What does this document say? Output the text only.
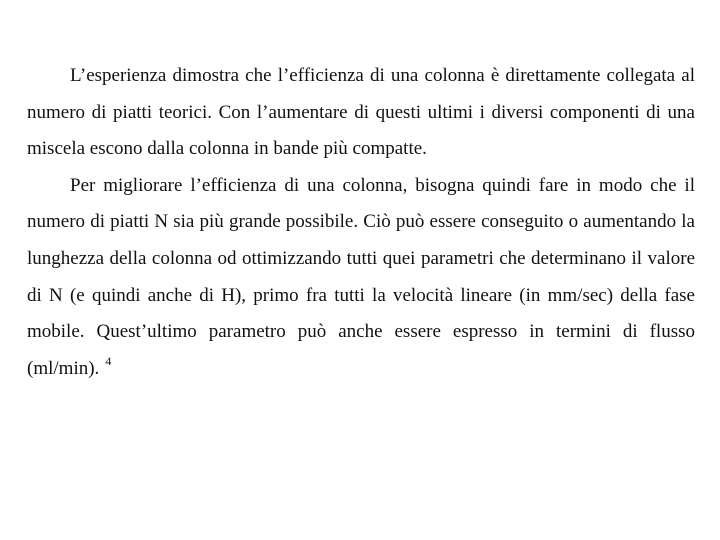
L’esperienza dimostra che l’efficienza di una colonna è direttamente collegata al numero di piatti teorici. Con l’aumentare di questi ultimi i diversi componenti di una miscela escono dalla colonna in bande più compatte.

Per migliorare l’efficienza di una colonna, bisogna quindi fare in modo che il numero di piatti N sia più grande possibile. Ciò può essere conseguito o aumentando la lunghezza della colonna od ottimizzando tutti quei parametri che determinano il valore di N (e quindi anche di H), primo fra tutti la velocità lineare (in mm/sec) della fase mobile. Quest’ultimo parametro può anche essere espresso in termini di flusso (ml/min). $^4$
